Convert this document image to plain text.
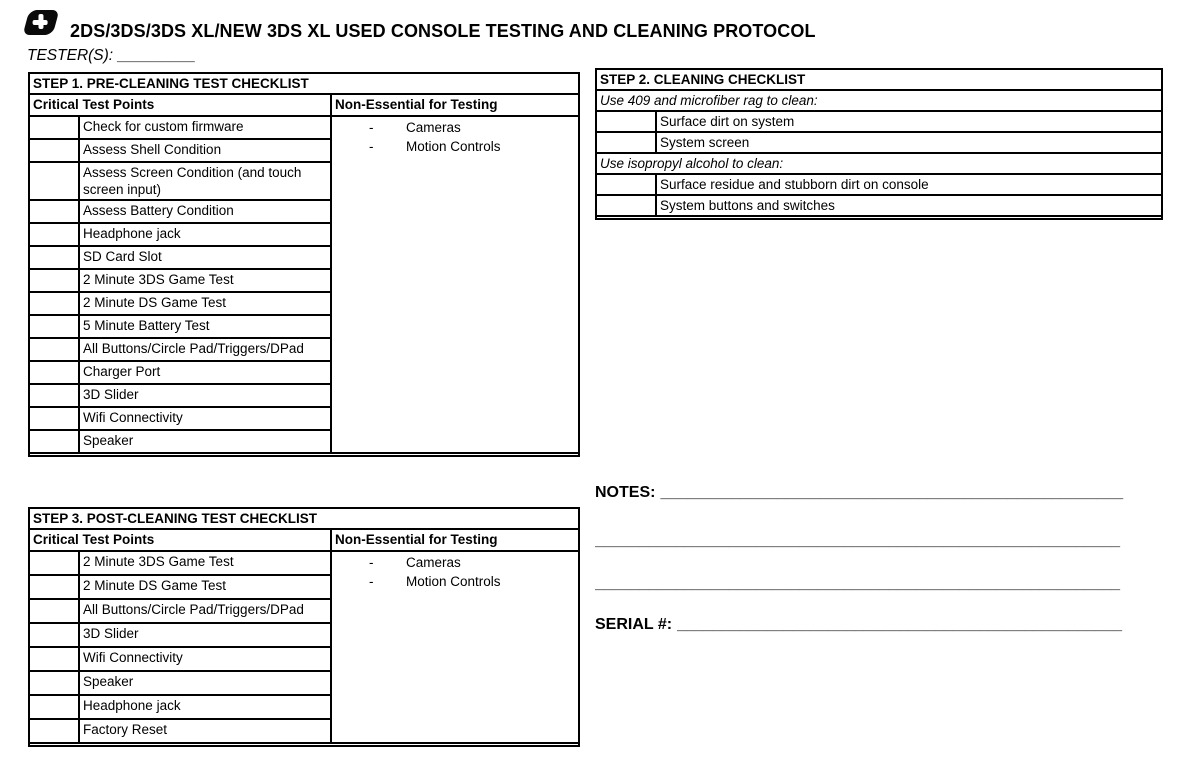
2DS/3DS/3DS XL/NEW 3DS XL USED CONSOLE TESTING AND CLEANING PROTOCOL
TESTER(S): _________
STEP 1. PRE-CLEANING TEST CHECKLIST		
Critical Test Points		Non-Essential for Testing
	Check for custom firmware	- Cameras
- Motion Controls

	Assess Shell Condition	
	Assess Screen Condition (and touch screen input)	
	Assess Battery Condition	
	Headphone jack	
	SD Card Slot	
	2 Minute 3DS Game Test	
	2 Minute DS Game Test	
	5 Minute Battery Test	
	All Buttons/Circle Pad/Triggers/DPad	
	Charger Port	
	3D Slider	
	Wifi Connectivity	
	Speaker	

STEP 2. CLEANING CHECKLIST	
Use 409 and microfiber rag to clean:	
	Surface dirt on system
	System screen
Use isopropyl alcohol to clean:	
	Surface residue and stubborn dirt on console
	System buttons and switches

STEP 3. POST-CLEANING TEST CHECKLIST		
Critical Test Points		Non-Essential for Testing
	2 Minute 3DS Game Test	- Cameras
- Motion Controls

	2 Minute DS Game Test	
	All Buttons/Circle Pad/Triggers/DPad	
	3D Slider	
	Wifi Connectivity	
	Speaker	
	Headphone jack	
	Factory Reset	

NOTES: ____________________________________________________
___________________________________________________________
___________________________________________________________
SERIAL #: __________________________________________________
